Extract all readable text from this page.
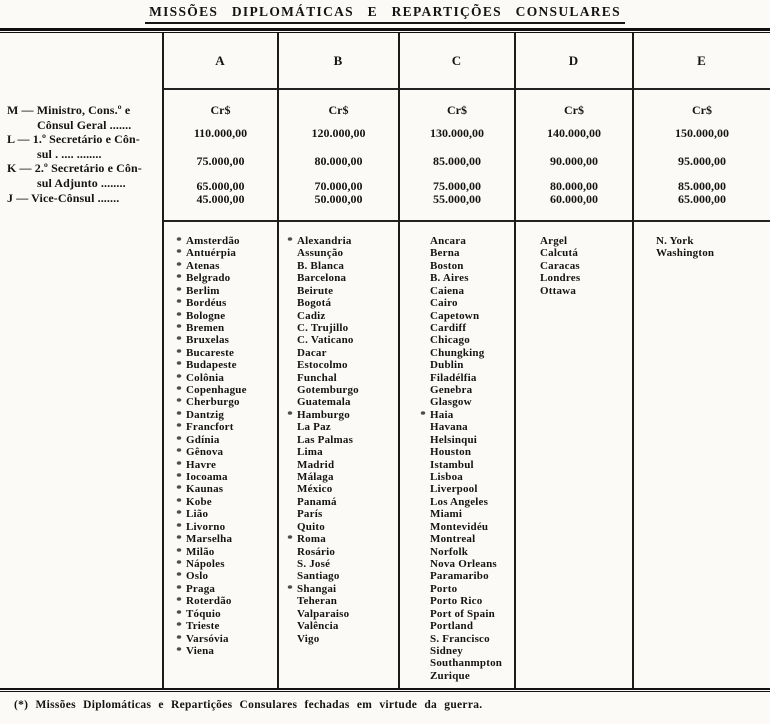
MISSÕES DIPLOMÁTICAS E REPARTIÇÕES CONSULARES
M — Ministro, Cons.º e
Cônsul Geral .......
L — 1.º Secretário e Côn-
sul . .... ........
K — 2.º Secretário e Côn-
sul Adjunto ........
J — Vice-Cônsul .......
A
Cr$
110.000,00
75.000,00
65.000,00
45.000,00
* Amsterdão
* Antuérpia
* Atenas
* Belgrado
* Berlim
* Bordéus
* Bologne
* Bremen
* Bruxelas
* Bucareste
* Budapeste
* Colônia
* Copenhague
* Cherburgo
* Dantzig
* Francfort
* Gdínia
* Gênova
* Havre
* Iocoama
* Kaunas
* Kobe
* Lião
* Livorno
* Marselha
* Milão
* Nápoles
* Oslo
* Praga
* Roterdão
* Tóquio
* Trieste
* Varsóvia
* Viena
B
Cr$
120.000,00
80.000,00
70.000,00
50.000,00
* Alexandria
Assunção
B. Blanca
Barcelona
Beirute
Bogotá
Cadiz
C. Trujillo
C. Vaticano
Dacar
Estocolmo
Funchal
Gotemburgo
Guatemala
* Hamburgo
La Paz
Las Palmas
Lima
Madrid
Málaga
México
Panamá
París
Quito
* Roma
Rosário
S. José
Santiago
* Shangai
Teheran
Valparaiso
Valência
Vigo
C
Cr$
130.000,00
85.000,00
75.000,00
55.000,00
Ancara
Berna
Boston
B. Aires
Caiena
Cairo
Capetown
Cardiff
Chicago
Chungking
Dublin
Filadélfia
Genebra
Glasgow
* Haia
Havana
Helsinqui
Houston
Istambul
Lisboa
Liverpool
Los Angeles
Miami
Montevidéu
Montreal
Norfolk
Nova Orleans
Paramaribo
Porto
Porto Rico
Port of Spain
Portland
S. Francisco
Sidney
Southanmpton
Zurique
D
Cr$
140.000,00
90.000,00
80.000,00
60.000,00
Argel
Calcutá
Caracas
Londres
Ottawa
E
Cr$
150.000,00
95.000,00
85.000,00
65.000,00
N. York
Washington
(*) Missões Diplomáticas e Repartições Consulares fechadas em virtude da guerra.
